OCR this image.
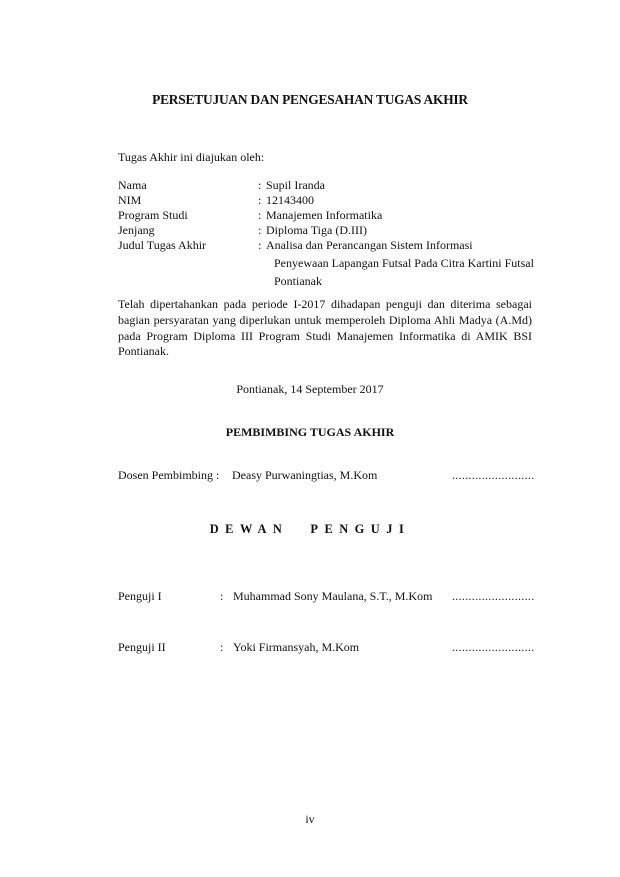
PERSETUJUAN DAN PENGESAHAN TUGAS AKHIR
Tugas Akhir ini diajukan oleh:
Nama	: Supil Iranda
NIM	: 12143400
Program Studi	: Manajemen Informatika
Jenjang	: Diploma Tiga (D.III)
Judul Tugas Akhir	: Analisa dan Perancangan Sistem Informasi
Penyewaan Lapangan Futsal Pada Citra Kartini Futsal
Pontianak
Telah dipertahankan pada periode I-2017 dihadapan penguji dan diterima sebagai bagian persyaratan yang diperlukan untuk memperoleh Diploma Ahli Madya (A.Md) pada Program Diploma III Program Studi Manajemen Informatika di AMIK BSI Pontianak.
Pontianak, 14 September 2017
PEMBIMBING TUGAS AKHIR
Dosen Pembimbing : Deasy Purwaningtias, M.Kom	.........................
DEWAN PENGUJI
Penguji I	: Muhammad Sony Maulana, S.T., M.Kom .........................
Penguji II	: Yoki Firmansyah, M.Kom	.........................
iv
